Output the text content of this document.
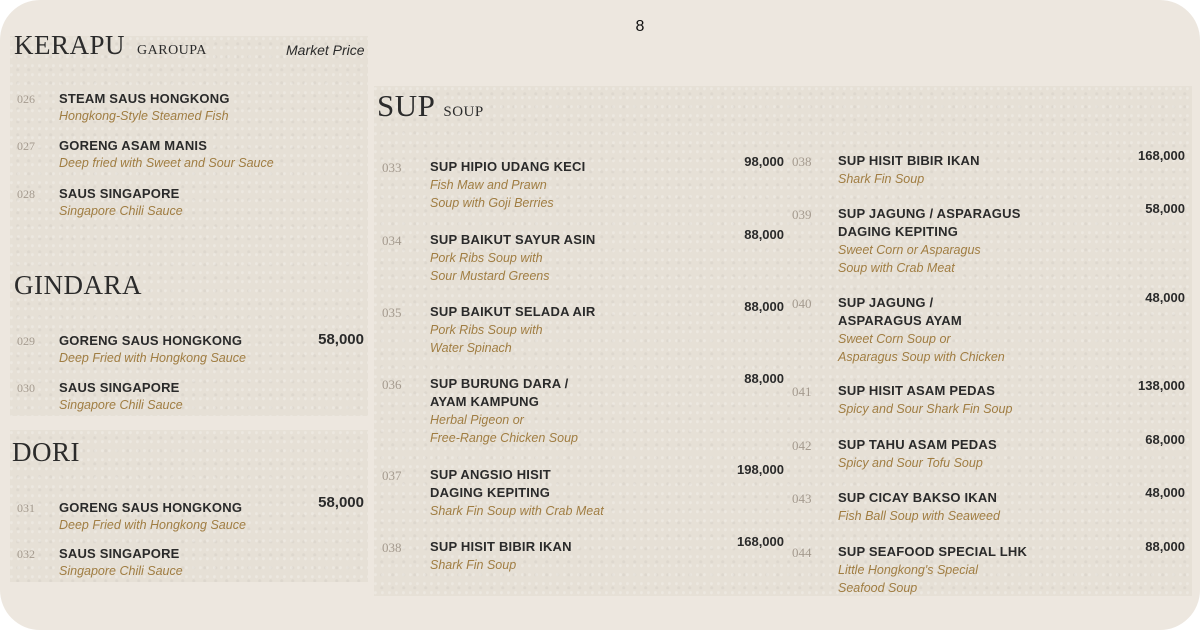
8
KERAPU garoupa	Market Price
026 STEAM SAUS HONGKONG
Hongkong-Style Steamed Fish
027 GORENG ASAM MANIS
Deep fried with Sweet and Sour Sauce
028 SAUS SINGAPORE
Singapore Chili Sauce
GINDARA
58,000
029 GORENG SAUS HONGKONG
Deep Fried with Hongkong Sauce
030 SAUS SINGAPORE
Singapore Chili Sauce
DORI
58,000
031 GORENG SAUS HONGKONG
Deep Fried with Hongkong Sauce
032 SAUS SINGAPORE
Singapore Chili Sauce
SUP soup
033 SUP HIPIO UDANG KECI
Fish Maw and Prawn
Soup with Goji Berries
98,000
034 SUP BAIKUT SAYUR ASIN
Pork Ribs Soup with
Sour Mustard Greens
88,000
035 SUP BAIKUT SELADA AIR
Pork Ribs Soup with
Water Spinach
88,000
036 SUP BURUNG DARA /
AYAM KAMPUNG
Herbal Pigeon or
Free-Range Chicken Soup
88,000
037 SUP ANGSIO HISIT
DAGING KEPITING
Shark Fin Soup with Crab Meat
198,000
038 SUP HISIT BIBIR IKAN
Shark Fin Soup
168,000
038 SUP HISIT BIBIR IKAN
Shark Fin Soup
168,000
039 SUP JAGUNG / ASPARAGUS
DAGING KEPITING
Sweet Corn or Asparagus
Soup with Crab Meat
58,000
040 SUP JAGUNG /
ASPARAGUS AYAM
Sweet Corn Soup or
Asparagus Soup with Chicken
48,000
041 SUP HISIT ASAM PEDAS
Spicy and Sour Shark Fin Soup
138,000
042 SUP TAHU ASAM PEDAS
Spicy and Sour Tofu Soup
68,000
043 SUP CICAY BAKSO IKAN
Fish Ball Soup with Seaweed
48,000
044 SUP SEAFOOD SPECIAL LHK
Little Hongkong's Special
Seafood Soup
88,000
